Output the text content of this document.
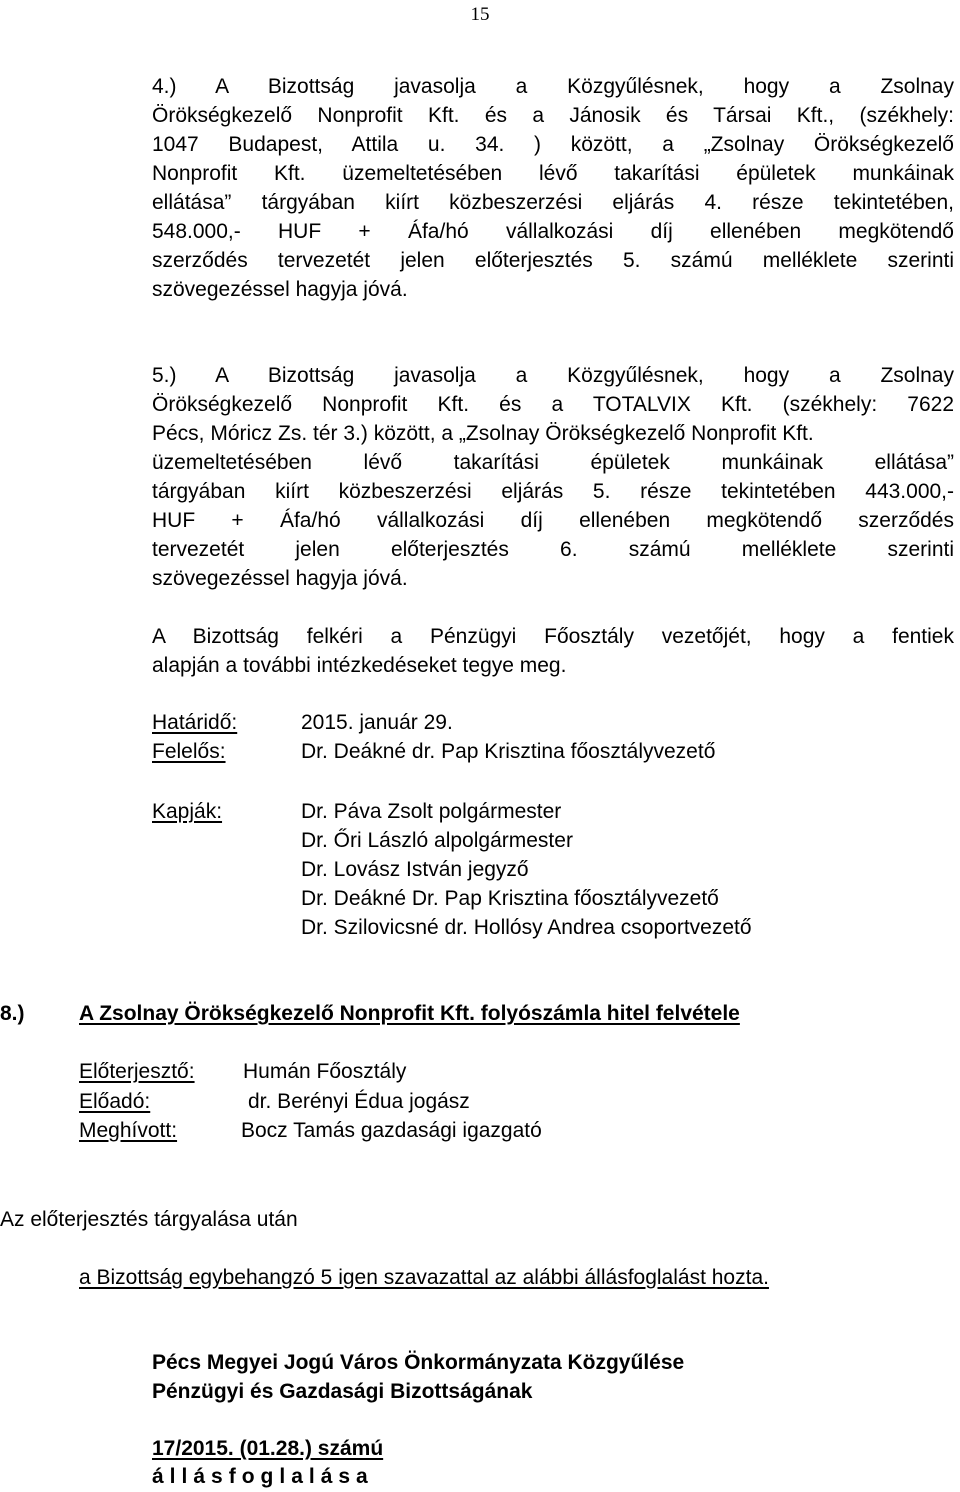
15
4.) A Bizottság javasolja a Közgyűlésnek, hogy a Zsolnay
Örökségkezelő Nonprofit Kft. és a Jánosik és Társai Kft., (székhely:
1047 Budapest, Attila u. 34. ) között, a „Zsolnay Örökségkezelő
Nonprofit Kft. üzemeltetésében lévő takarítási épületek munkáinak
ellátása” tárgyában kiírt közbeszerzési eljárás 4. része tekintetében,
548.000,- HUF + Áfa/hó vállalkozási díj ellenében megkötendő
szerződés tervezetét jelen előterjesztés 5. számú melléklete szerinti
szövegezéssel hagyja jóvá.
5.) A Bizottság javasolja a Közgyűlésnek, hogy a Zsolnay
Örökségkezelő Nonprofit Kft. és a TOTALVIX Kft. (székhely: 7622
Pécs, Móricz Zs. tér 3.) között, a „Zsolnay Örökségkezelő Nonprofit Kft.
üzemeltetésében lévő takarítási épületek munkáinak ellátása”
tárgyában kiírt közbeszerzési eljárás 5. része tekintetében 443.000,-
HUF + Áfa/hó vállalkozási díj ellenében megkötendő szerződés
tervezetét jelen előterjesztés 6. számú melléklete szerinti
szövegezéssel hagyja jóvá.
A Bizottság felkéri a Pénzügyi Főosztály vezetőjét, hogy a fentiek
alapján a további intézkedéseket tegye meg.
Határidő:	2015. január 29.
Felelős:	Dr. Deákné dr. Pap Krisztina főosztályvezető
Kapják:	Dr. Páva Zsolt polgármester
Dr. Őri László alpolgármester
Dr. Lovász István jegyző
Dr. Deákné Dr. Pap Krisztina főosztályvezető
Dr. Szilovicsné dr. Hollósy Andrea csoportvezető
8.)	A Zsolnay Örökségkezelő Nonprofit Kft. folyószámla hitel felvétele
Előterjesztő: Humán Főosztály
Előadó:	dr. Berényi Édua jogász
Meghívott:	Bocz Tamás gazdasági igazgató
Az előterjesztés tárgyalása után
a Bizottság egybehangzó 5 igen szavazattal az alábbi állásfoglalást hozta.
Pécs Megyei Jogú Város Önkormányzata Közgyűlése
Pénzügyi és Gazdasági Bizottságának
17/2015. (01.28.) számú
állásfoglalása
